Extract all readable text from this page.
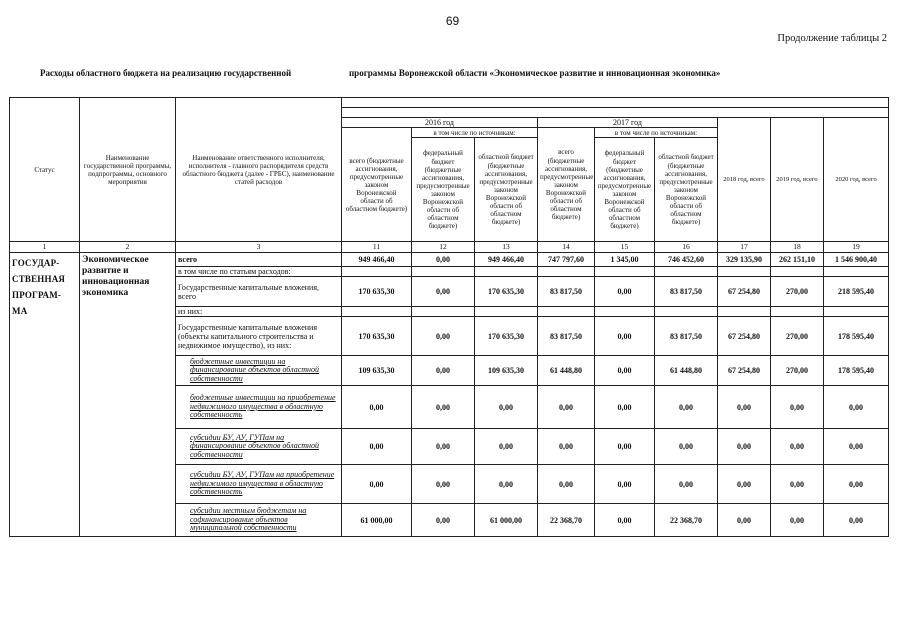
69
Продолжение таблицы 2
Расходы областного бюджета на реализацию государственной	программы Воронежской области «Экономическое развитие и инновационная экономика»
Статус	Наименование государственной программы, подпрограммы, основного мероприятия	Наименование ответственного исполнителя, исполнителя - главного распорядителя средств областного бюджета (далее - ГРБС), наименование статей расходов									

			2016 год			2017 год			2018 год, всего	2019 год, всего	2020 год, всего
			всего (бюджетные ассигнования, предусмотренные законом Воронежской области об областном бюджете)	в том числе по источникам:		всего (бюджетные ассигнования, предусмотренные законом Воронежской области об областном бюджете)	в том числе по источникам:				
				федеральный бюджет (бюджетные ассигнования, предусмотренные законом Воронежской области об областном бюджете)	областной бюджет (бюджетные ассигнования, предусмотренные законом Воронежской области об областном бюджете)		федеральный бюджет (бюджетные ассигнования, предусмотренные законом Воронежской области об областном бюджете)	областной бюджет (бюджетные ассигнования, предусмотренные законом Воронежской области об областном бюджете)			
1	2	3	11	12	13	14	15	16	17	18	19

ГОСУДАР-
СТВЕННАЯ
ПРОГРАМ-
МА	Экономическое развитие и инновационная экономика	всего	949 466,40	0,00	949 466,40	747 797,60	1 345,00	746 452,60	329 135,90	262 151,10	1 546 900,40
		в том числе по статьям расходов:									
		Государственные капитальные вложения, всего	170 635,30	0,00	170 635,30	83 817,50	0,00	83 817,50	67 254,80	270,00	218 595,40
		из них:									
		Государственные капитальные вложения (объекты капитального строительства и недвижимое имущество), из них:	170 635,30	0,00	170 635,30	83 817,50	0,00	83 817,50	67 254,80	270,00	178 595,40
		бюджетные инвестиции на финансирование объектов областной собственности	109 635,30	0,00	109 635,30	61 448,80	0,00	61 448,80	67 254,80	270,00	178 595,40
		бюджетные инвестиции на приобретение недвижимого имущества в областную собственность	0,00	0,00	0,00	0,00	0,00	0,00	0,00	0,00	0,00
		субсидии БУ, АУ, ГУПам на финансирование объектов областной собственности	0,00	0,00	0,00	0,00	0,00	0,00	0,00	0,00	0,00
		субсидии БУ, АУ, ГУПам на приобретение недвижимого имущества в областную собственность	0,00	0,00	0,00	0,00	0,00	0,00	0,00	0,00	0,00
		субсидии местным бюджетам на софинансирование объектов муниципальной собственности	61 000,00	0,00	61 000,00	22 368,70	0,00	22 368,70	0,00	0,00	0,00
